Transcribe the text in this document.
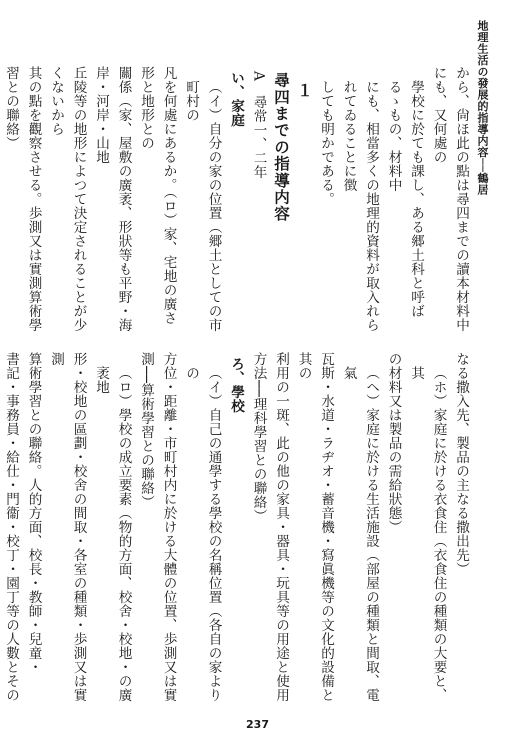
地理生活の發展的指導内容──鶴居

から、尙ほ此の點は尋四までの讀本材料中にも、又何處の

學校に於ても課し、ある郷土科と呼ばるゝもの、材料中

にも、相當多くの地理的資料が取入れられてゐることに徴

しても明かである。

１

尋四までの指導内容

A　尋常一、二年

い、家庭

（イ）自分の家の位置（郷土としての市町村の

凡を何處にあるか。（ロ）家、宅地の廣さ形と地形との

關係（家、屋敷の廣袤、形狀等も平野・海岸・河岸・山地

丘陵等の地形によつて決定されることが少くないから

其の點を觀察させる。歩測又は實測算術學習との聯絡）

なる撒入先、製品の主なる撒出先）

（ホ）家庭に於ける衣食住（衣食住の種類の大要と、其

の材料又は製品の需給狀態）

（ヘ）家庭に於ける生活施設（部屋の種類と間取、電氣

瓦斯・水道・ラヂオ・蓄音機・寫眞機等の文化的設備と其の

利用の一斑、此の他の家具・器具・玩具等の用途と使用

方法──理科學習との聯絡）

ろ、學校

（イ）自己の通學する學校の名稱位置（各自の家よりの

方位・距離・市町村内に於ける大體の位置、歩測又は實

測──算術學習との聯絡）

（ロ）學校の成立要素（物的方面、校舍・校地・の廣袤地

形・校地の區劃・校舍の間取・各室の種類・歩測又は實測

算術學習との聯絡。人的方面、校長・教師・兒童・

書記・事務員・給仕・門衞・校丁・園丁等の人數とその

237
